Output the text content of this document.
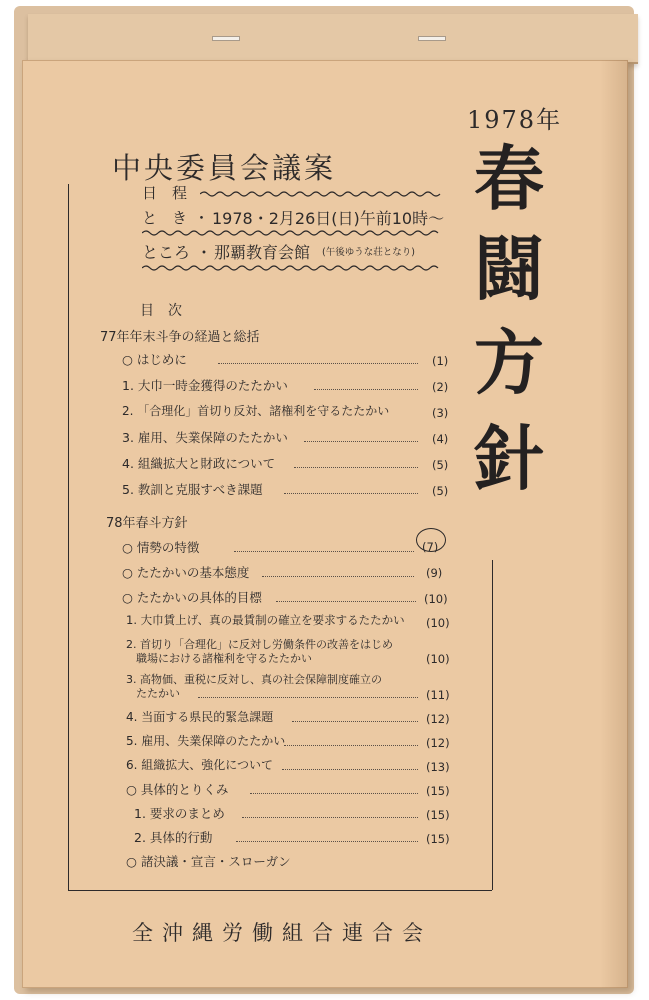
1978年
中央委員会議案 春
闘
方
針
日　程
と　き ・ 1978・2月26日(日)午前10時〜
ところ ・ 那覇教育会館 (午後ゆうな荘となり)
目　次
77年年末斗争の経過と総括
○ はじめに	(1)
1. 大巾一時金獲得のたたかい	(2)
2. 「合理化」首切り反対、諸権利を守るたたかい	(3)
3. 雇用、失業保障のたたかい	(4)
4. 組織拡大と財政について	(5)
5. 教訓と克服すべき課題	(5)
78年春斗方針
○ 情勢の特徴	(7)
○ たたかいの基本態度	(9)
○ たたかいの具体的目標	(10)
1. 大巾賃上げ、真の最賃制の確立を要求するたたかい (10)
2. 首切り「合理化」に反対し労働条件の改善をはじめ
職場における諸権利を守るたたかい	(10)
3. 高物価、重税に反対し、真の社会保障制度確立の
たたかい	(11)
4. 当面する県民的緊急課題	(12)
5. 雇用、失業保障のたたかい	(12)
6. 組織拡大、強化について	(13)
○ 具体的とりくみ	(15)
1. 要求のまとめ	(15)
2. 具体的行動	(15)
○ 諸決議・宣言・スローガン
全沖縄労働組合連合会
